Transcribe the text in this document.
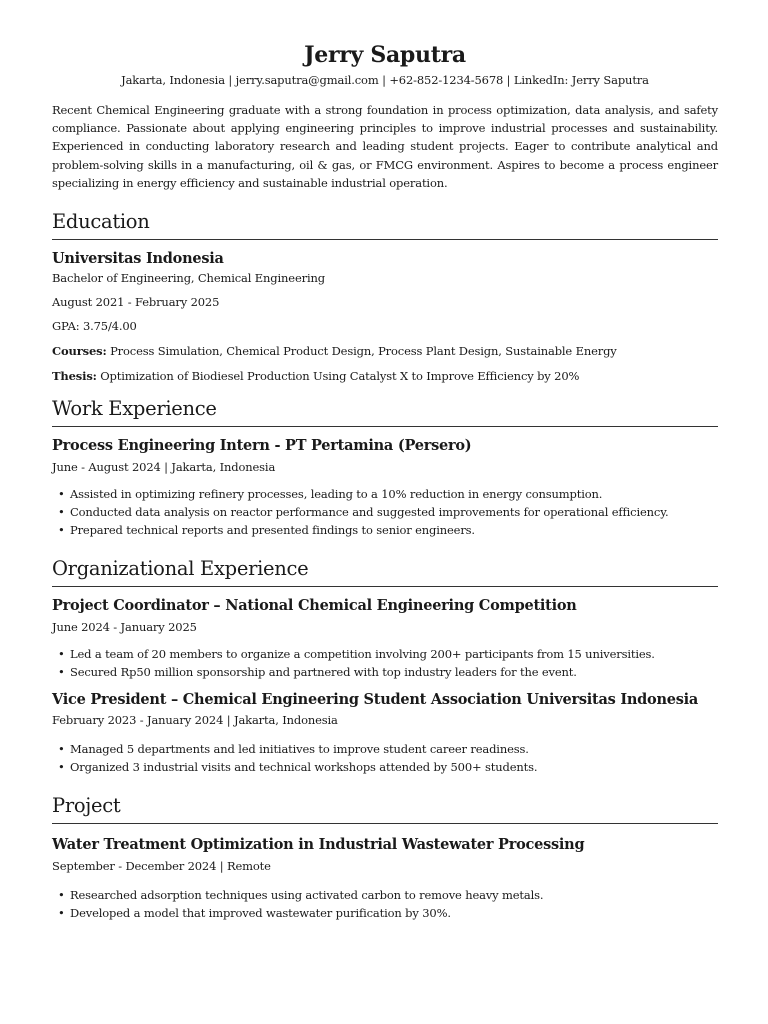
Jerry Saputra
Jakarta, Indonesia | jerry.saputra@gmail.com | +62-852-1234-5678 | LinkedIn: Jerry Saputra

Recent Chemical Engineering graduate with a strong foundation in process optimization, data analysis, and safety compliance. Passionate about applying engineering principles to improve industrial processes and sustainability. Experienced in conducting laboratory research and leading student projects. Eager to contribute analytical and problem-solving skills in a manufacturing, oil & gas, or FMCG environment. Aspires to become a process engineer specializing in energy efficiency and sustainable industrial operation.

Education
Universitas Indonesia
Bachelor of Engineering, Chemical Engineering
August 2021 - February 2025
GPA: 3.75/4.00
Courses: Process Simulation, Chemical Product Design, Process Plant Design, Sustainable Energy
Thesis: Optimization of Biodiesel Production Using Catalyst X to Improve Efficiency by 20%
Work Experience
Process Engineering Intern - PT Pertamina (Persero)
June - August 2024 | Jakarta, Indonesia
• Assisted in optimizing refinery processes, leading to a 10% reduction in energy consumption.
• Conducted data analysis on reactor performance and suggested improvements for operational efficiency.
• Prepared technical reports and presented findings to senior engineers.
Organizational Experience
Project Coordinator – National Chemical Engineering Competition
June 2024 - January 2025
• Led a team of 20 members to organize a competition involving 200+ participants from 15 universities.
• Secured Rp50 million sponsorship and partnered with top industry leaders for the event.
Vice President – Chemical Engineering Student Association Universitas Indonesia
February 2023 - January 2024 | Jakarta, Indonesia
• Managed 5 departments and led initiatives to improve student career readiness.
• Organized 3 industrial visits and technical workshops attended by 500+ students.
Project
Water Treatment Optimization in Industrial Wastewater Processing
September - December 2024 | Remote
• Researched adsorption techniques using activated carbon to remove heavy metals.
• Developed a model that improved wastewater purification by 30%.
